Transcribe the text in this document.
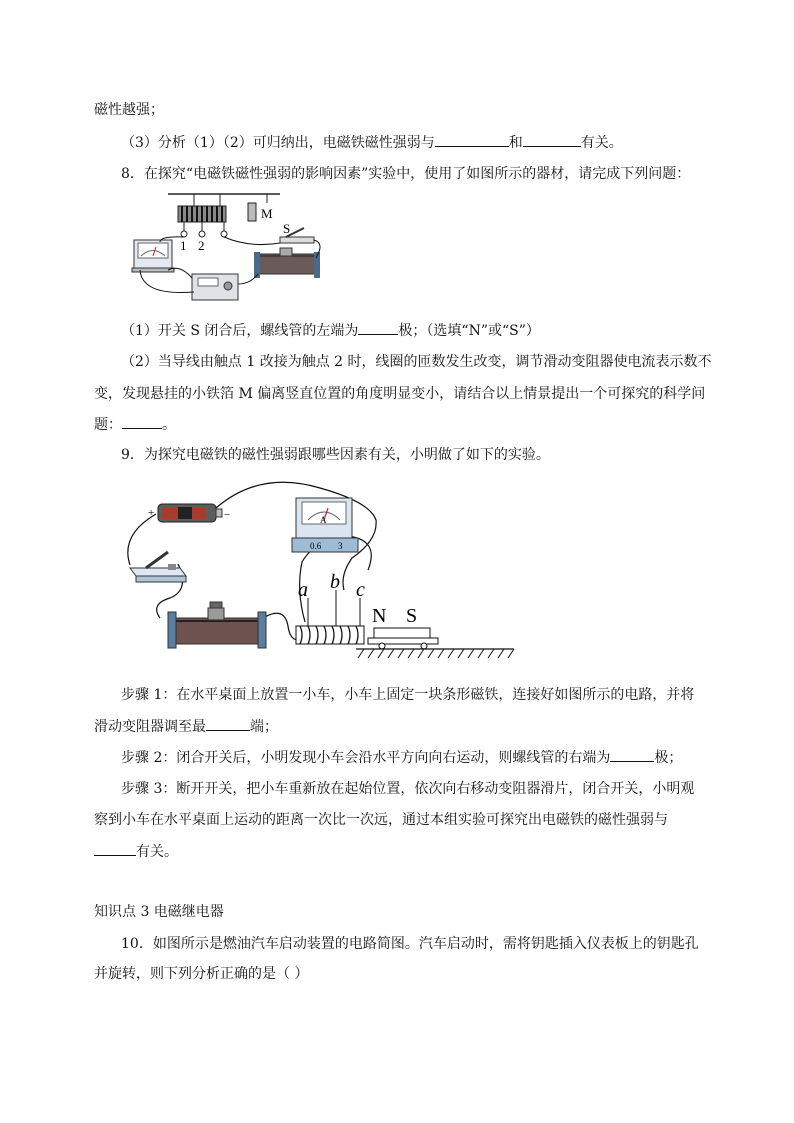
磁性越强；
（3）分析（1）（2）可归纳出，电磁铁磁性强弱与	和	有关。
8．在探究“电磁铁磁性强弱的影响因素”实验中，使用了如图所示的器材，请完成下列问题：
M
1 2
S
（1）开关 S 闭合后，螺线管的左端为	极；（选填“N”或“S”）
（2）当导线由触点 1 改接为触点 2 时，线圈的匝数发生改变，调节滑动变阻器使电流表示数不
变，发现悬挂的小铁箔 M 偏离竖直位置的角度明显变小，请结合以上情景提出一个可探究的科学问
题：	。
9．为探究电磁铁的磁性强弱跟哪些因素有关，小明做了如下的实验。
+	−	A
0.6 3
a b c
N S
步骤 1：在水平桌面上放置一小车，小车上固定一块条形磁铁，连接好如图所示的电路，并将
滑动变阻器调至最	端；
步骤 2：闭合开关后，小明发现小车会沿水平方向向右运动，则螺线管的右端为	极；
步骤 3：断开开关，把小车重新放在起始位置，依次向右移动变阻器滑片，闭合开关，小明观
察到小车在水平桌面上运动的距离一次比一次远，通过本组实验可探究出电磁铁的磁性强弱与
有关。
知识点 3 电磁继电器
10．如图所示是燃油汽车启动装置的电路简图。汽车启动时，需将钥匙插入仪表板上的钥匙孔
并旋转，则下列分析正确的是（ ）
